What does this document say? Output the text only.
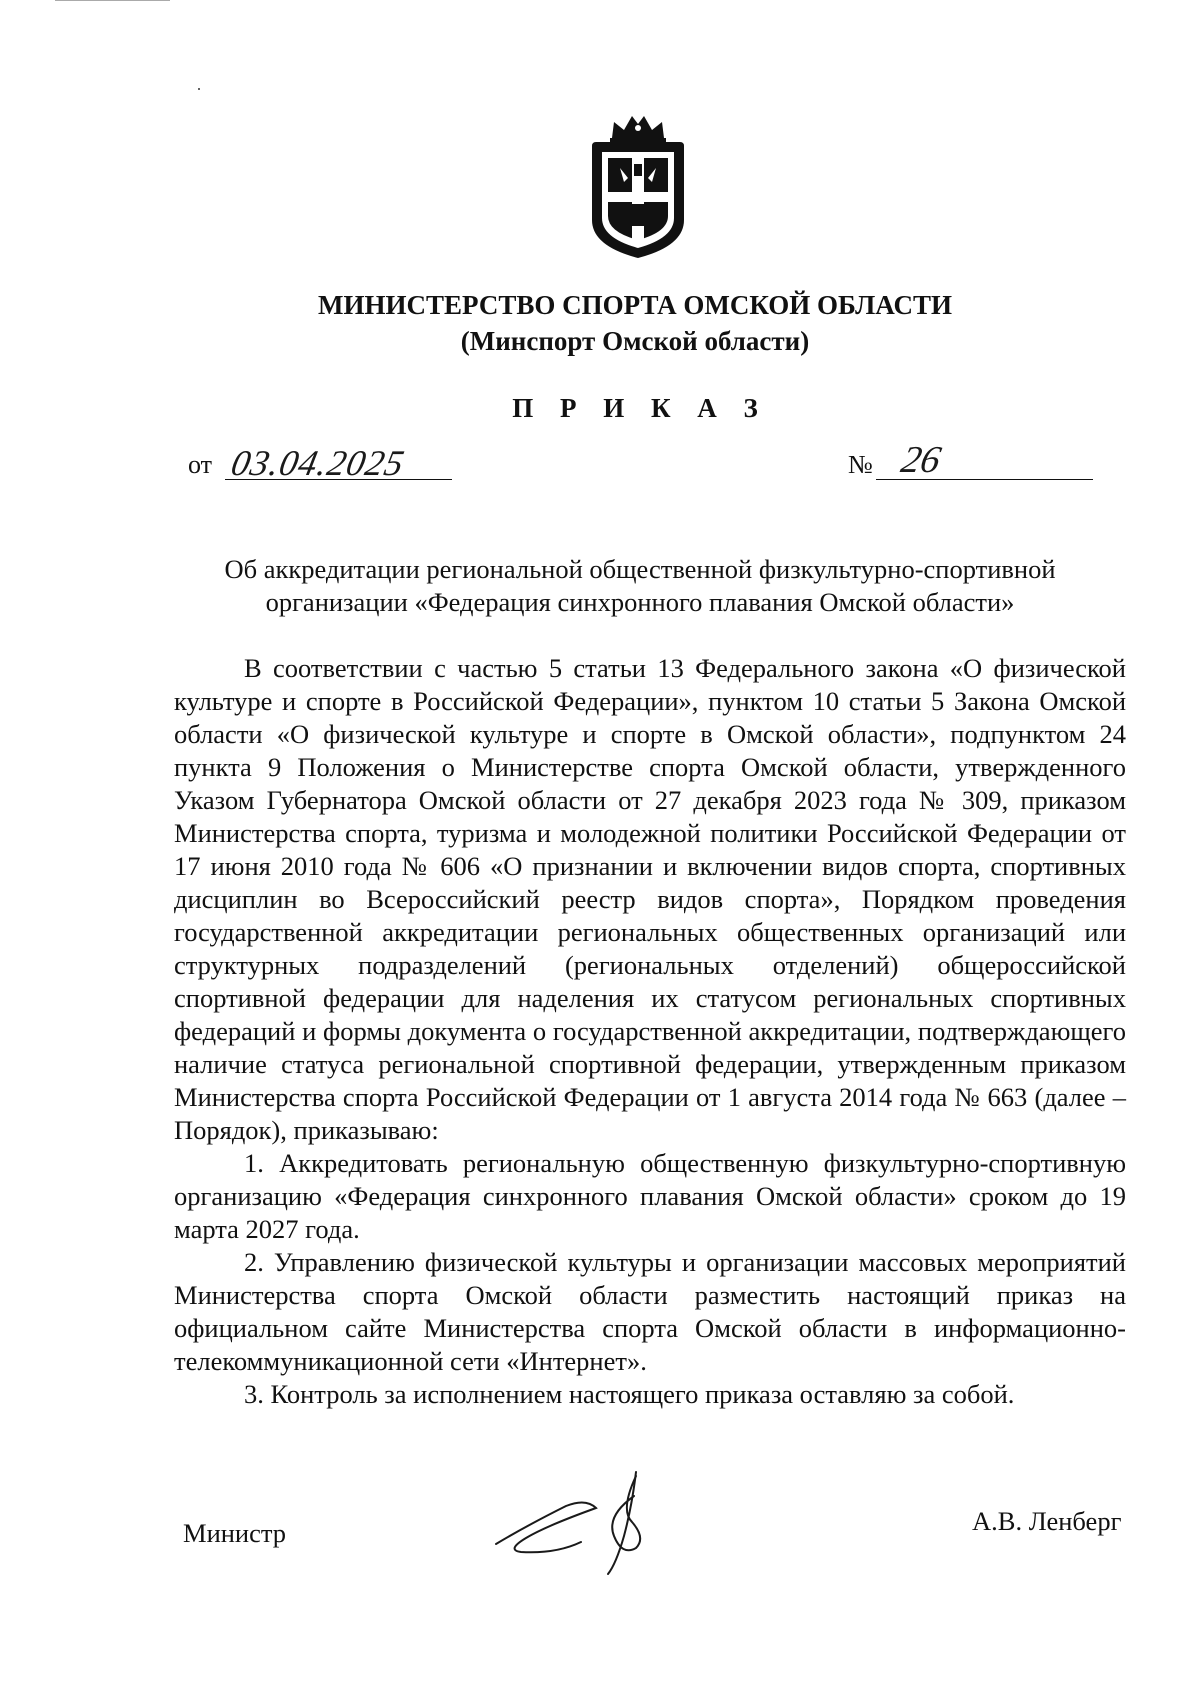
МИНИСТЕРСТВО СПОРТА ОМСКОЙ ОБЛАСТИ
(Минспорт Омской области)
П Р И К А З
от 03.04.2025	№ 26
Об аккредитации региональной общественной физкультурно-спортивной
организации «Федерация синхронного плавания Омской области»

В соответствии с частью 5 статьи 13 Федерального закона «О физической культуре и спорте в Российской Федерации», пунктом 10 статьи 5 Закона Омской области «О физической культуре и спорте в Омской области», подпунктом 24 пункта 9 Положения о Министерстве спорта Омской области, утвержденного Указом Губернатора Омской области от 27 декабря 2023 года № 309, приказом Министерства спорта, туризма и молодежной политики Российской Федерации от 17 июня 2010 года № 606 «О признании и включении видов спорта, спортивных дисциплин во Всероссийский реестр видов спорта», Порядком проведения государственной аккредитации региональных общественных организаций или структурных подразделений (региональных отделений) общероссийской спортивной федерации для наделения их статусом региональных спортивных федераций и формы документа о государственной аккредитации, подтверждающего наличие статуса региональной спортивной федерации, утвержденным приказом Министерства спорта Российской Федерации от 1 августа 2014 года № 663 (далее – Порядок), приказываю:

1. Аккредитовать региональную общественную физкультурно-спортивную организацию «Федерация синхронного плавания Омской области» сроком до 19 марта 2027 года.

2. Управлению физической культуры и организации массовых мероприятий Министерства спорта Омской области разместить настоящий приказ на официальном сайте Министерства спорта Омской области в информационно-телекоммуникационной сети «Интернет».

3. Контроль за исполнением настоящего приказа оставляю за собой.

Министр	А.В. Ленберг
